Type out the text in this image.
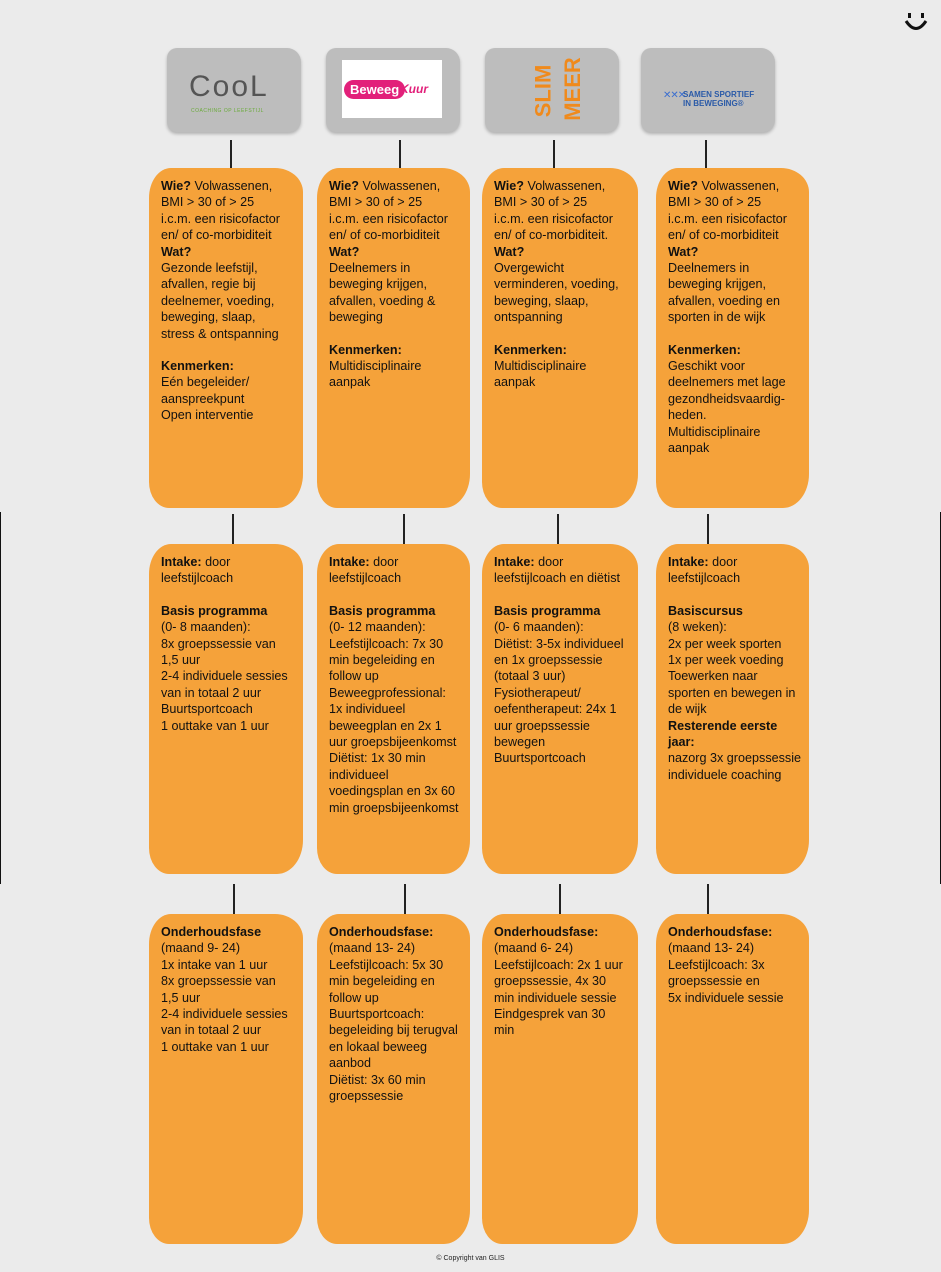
CooL
COACHING OP LEEFSTIJL
Wie? Volwassenen,
BMI > 30 of > 25
i.c.m. een risicofactor
en/ of co-morbiditeit
Wat?
Gezonde leefstijl,
afvallen, regie bij
deelnemer, voeding,
beweging, slaap,
stress & ontspanning
Kenmerken:
Eén begeleider/
aanspreekpunt
Open interventie
Intake: door
leefstijlcoach
Basis programma
(0- 8 maanden):
8x groepssessie van
1,5 uur
2-4 individuele sessies
van in totaal 2 uur
Buurtsportcoach
1 outtake van 1 uur
Onderhoudsfase
(maand 9- 24)
1x intake van 1 uur
8x groepssessie van
1,5 uur
2-4 individuele sessies
van in totaal 2 uur
1 outtake van 1 uur
Beweeg Kuur
Wie? Volwassenen,
BMI > 30 of > 25
i.c.m. een risicofactor
en/ of co-morbiditeit
Wat?
Deelnemers in
beweging krijgen,
afvallen, voeding &
beweging
Kenmerken:
Multidisciplinaire
aanpak
Intake: door
leefstijlcoach
Basis programma
(0- 12 maanden):
Leefstijlcoach: 7x 30
min begeleiding en
follow up
Beweegprofessional:
1x individueel
beweegplan en 2x 1
uur groepsbijeenkomst
Diëtist: 1x 30 min
individueel
voedingsplan en 3x 60
min groepsbijeenkomst
Onderhoudsfase:
(maand 13- 24)
Leefstijlcoach: 5x 30
min begeleiding en
follow up
Buurtsportcoach:
begeleiding bij terugval
en lokaal beweeg
aanbod
Diëtist: 3x 60 min
groepssessie
SLIM MEER
Wie? Volwassenen,
BMI > 30 of > 25
i.c.m. een risicofactor
en/ of co-morbiditeit.
Wat?
Overgewicht
verminderen, voeding,
beweging, slaap,
ontspanning
Kenmerken:
Multidisciplinaire
aanpak
Intake: door
leefstijlcoach en diëtist
Basis programma
(0- 6 maanden):
Diëtist: 3-5x individueel
en 1x groepssessie
(totaal 3 uur)
Fysiotherapeut/
oefentherapeut: 24x 1
uur groepssessie
bewegen
Buurtsportcoach
Onderhoudsfase:
(maand 6- 24)
Leefstijlcoach: 2x 1 uur
groepssessie, 4x 30
min individuele sessie
Eindgesprek van 30
min
✕✕✕
SAMEN SPORTIEF
IN BEWEGING®
Wie? Volwassenen,
BMI > 30 of > 25
i.c.m. een risicofactor
en/ of co-morbiditeit
Wat?
Deelnemers in
beweging krijgen,
afvallen, voeding en
sporten in de wijk
Kenmerken:
Geschikt voor
deelnemers met lage
gezondheidsvaardig-
heden.
Multidisciplinaire
aanpak
Intake: door
leefstijlcoach
Basiscursus
(8 weken):
2x per week sporten
1x per week voeding
Toewerken naar
sporten en bewegen in
de wijk
Resterende eerste
jaar:
nazorg 3x groepssessie
individuele coaching
Onderhoudsfase:
(maand 13- 24)
Leefstijlcoach: 3x
groepssessie en
5x individuele sessie
© Copyright van GLIS
